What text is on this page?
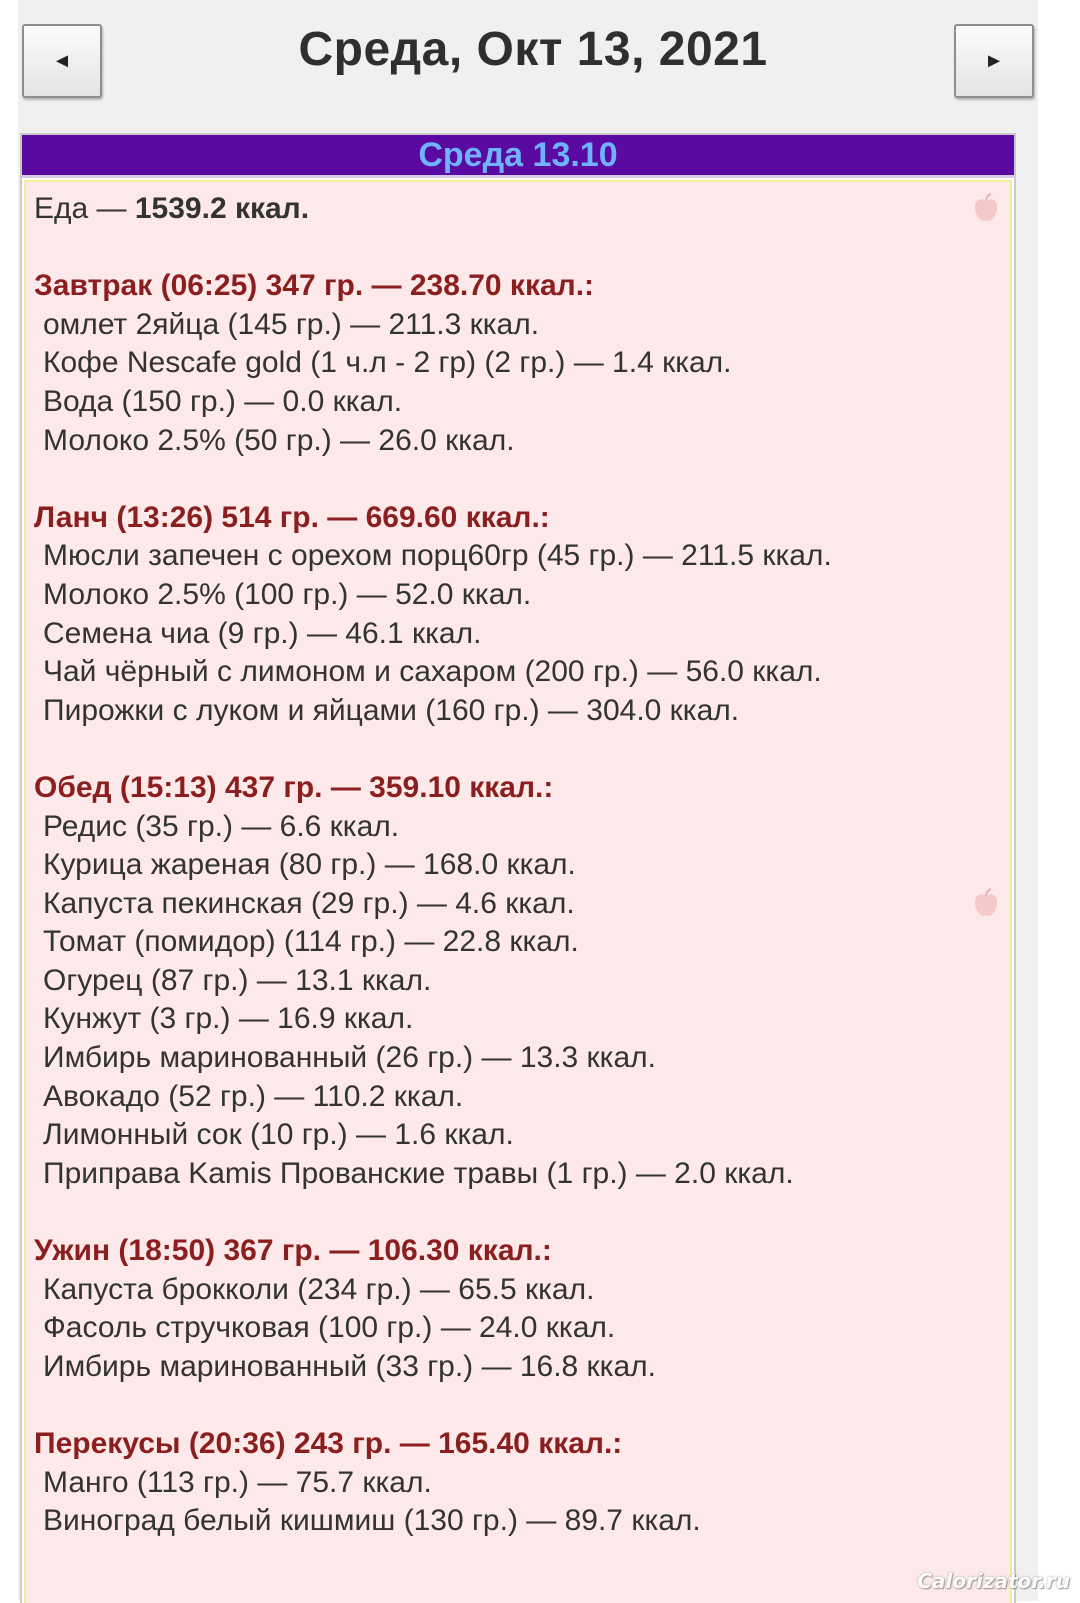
◄	Среда, Окт 13, 2021	►
Среда 13.10
Еда — 1539.2 ккал.
Завтрак (06:25) 347 гр. — 238.70 ккал.:
омлет 2яйца (145 гр.) — 211.3 ккал.
Кофе Nescafe gold (1 ч.л - 2 гр) (2 гр.) — 1.4 ккал.
Вода (150 гр.) — 0.0 ккал.
Молоко 2.5% (50 гр.) — 26.0 ккал.
Ланч (13:26) 514 гр. — 669.60 ккал.:
Мюсли запечен с орехом порц60гр (45 гр.) — 211.5 ккал.
Молоко 2.5% (100 гр.) — 52.0 ккал.
Семена чиа (9 гр.) — 46.1 ккал.
Чай чёрный с лимоном и сахаром (200 гр.) — 56.0 ккал.
Пирожки с луком и яйцами (160 гр.) — 304.0 ккал.
Обед (15:13) 437 гр. — 359.10 ккал.:
Редис (35 гр.) — 6.6 ккал.
Курица жареная (80 гр.) — 168.0 ккал.
Капуста пекинская (29 гр.) — 4.6 ккал.
Томат (помидор) (114 гр.) — 22.8 ккал.
Огурец (87 гр.) — 13.1 ккал.
Кунжут (3 гр.) — 16.9 ккал.
Имбирь маринованный (26 гр.) — 13.3 ккал.
Авокадо (52 гр.) — 110.2 ккал.
Лимонный сок (10 гр.) — 1.6 ккал.
Приправа Kamis Прованские травы (1 гр.) — 2.0 ккал.
Ужин (18:50) 367 гр. — 106.30 ккал.:
Капуста брокколи (234 гр.) — 65.5 ккал.
Фасоль стручковая (100 гр.) — 24.0 ккал.
Имбирь маринованный (33 гр.) — 16.8 ккал.
Перекусы (20:36) 243 гр. — 165.40 ккал.:
Манго (113 гр.) — 75.7 ккал.
Виноград белый кишмиш (130 гр.) — 89.7 ккал.
Calorizator.ru
